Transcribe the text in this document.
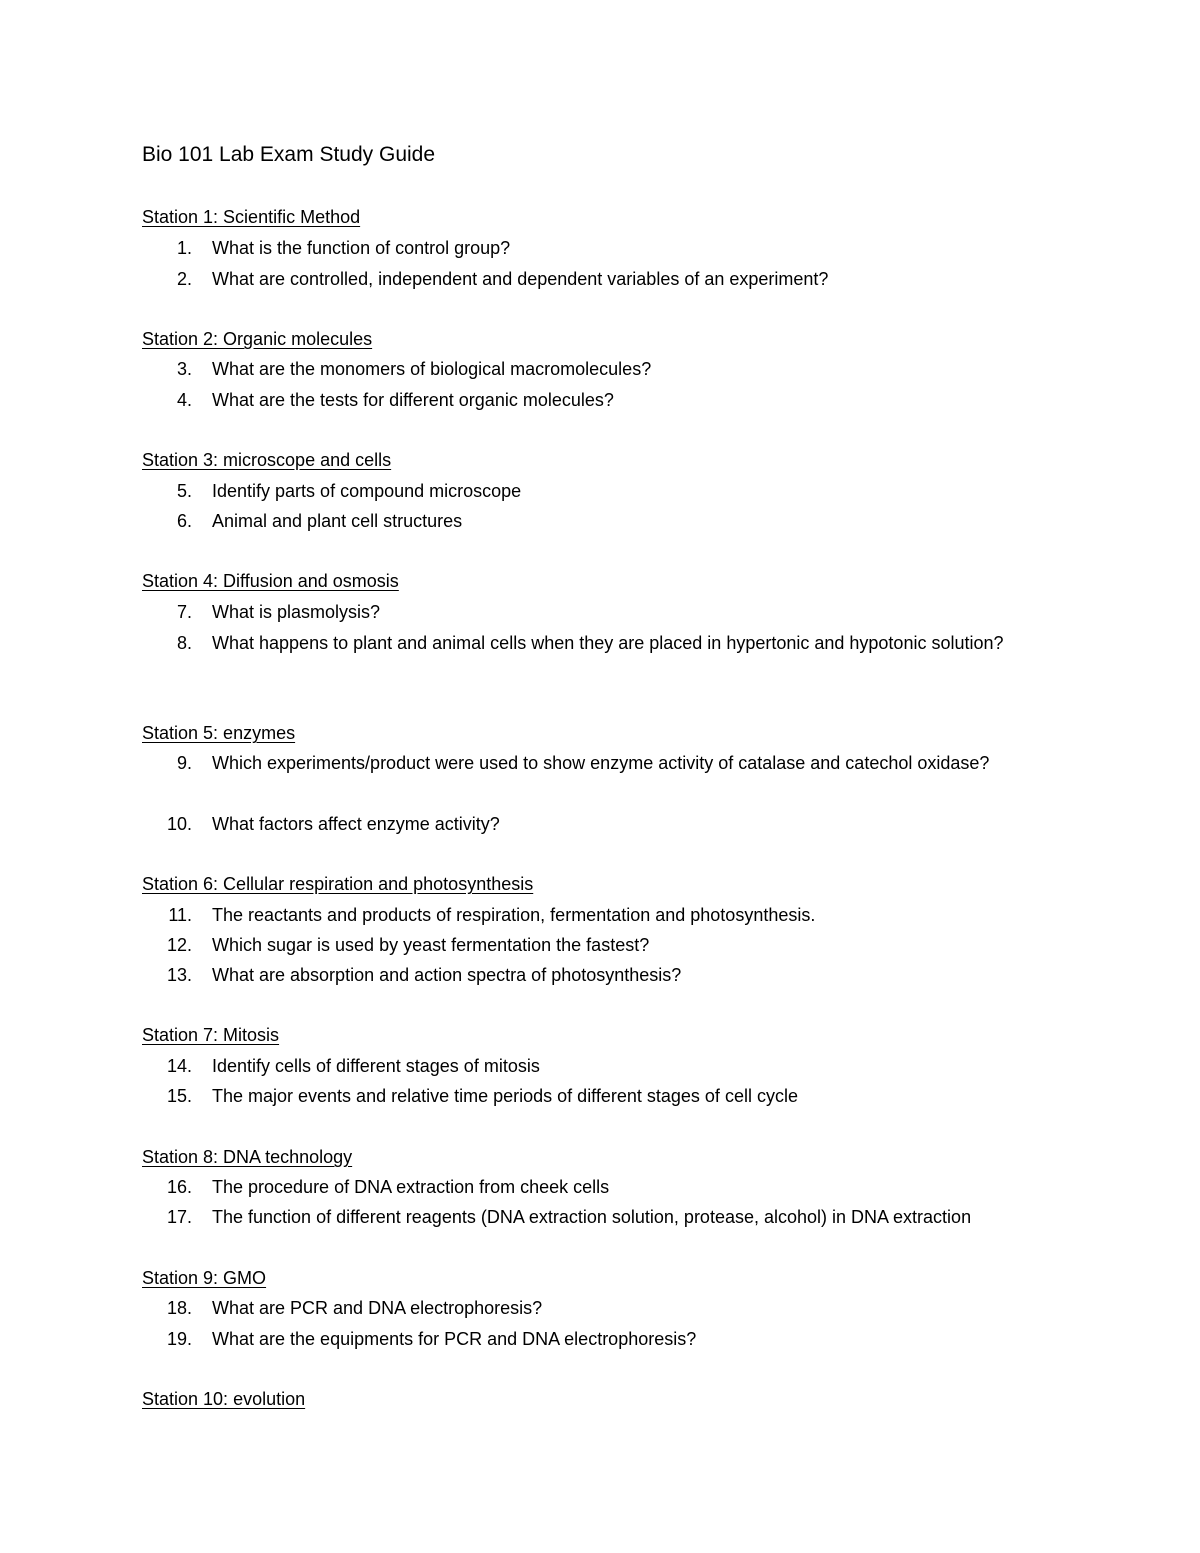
Bio 101 Lab Exam Study Guide
Station 1: Scientific Method
1. What is the function of control group?
2. What are controlled, independent and dependent variables of an experiment?
Station 2: Organic molecules
3. What are the monomers of biological macromolecules?
4. What are the tests for different organic molecules?
Station 3: microscope and cells
5. Identify parts of compound microscope
6. Animal and plant cell structures
Station 4: Diffusion and osmosis
7. What is plasmolysis?
8. What happens to plant and animal cells when they are placed in hypertonic and hypotonic solution?
Station 5: enzymes
9. Which experiments/product were used to show enzyme activity of catalase and catechol oxidase?
10. What factors affect enzyme activity?
Station 6: Cellular respiration and photosynthesis
11. The reactants and products of respiration, fermentation and photosynthesis.
12. Which sugar is used by yeast fermentation the fastest?
13. What are absorption and action spectra of photosynthesis?
Station 7: Mitosis
14. Identify cells of different stages of mitosis
15. The major events and relative time periods of different stages of cell cycle
Station 8: DNA technology
16. The procedure of DNA extraction from cheek cells
17. The function of different reagents (DNA extraction solution, protease, alcohol) in DNA extraction
Station 9: GMO
18. What are PCR and DNA electrophoresis?
19. What are the equipments for PCR and DNA electrophoresis?
Station 10: evolution
